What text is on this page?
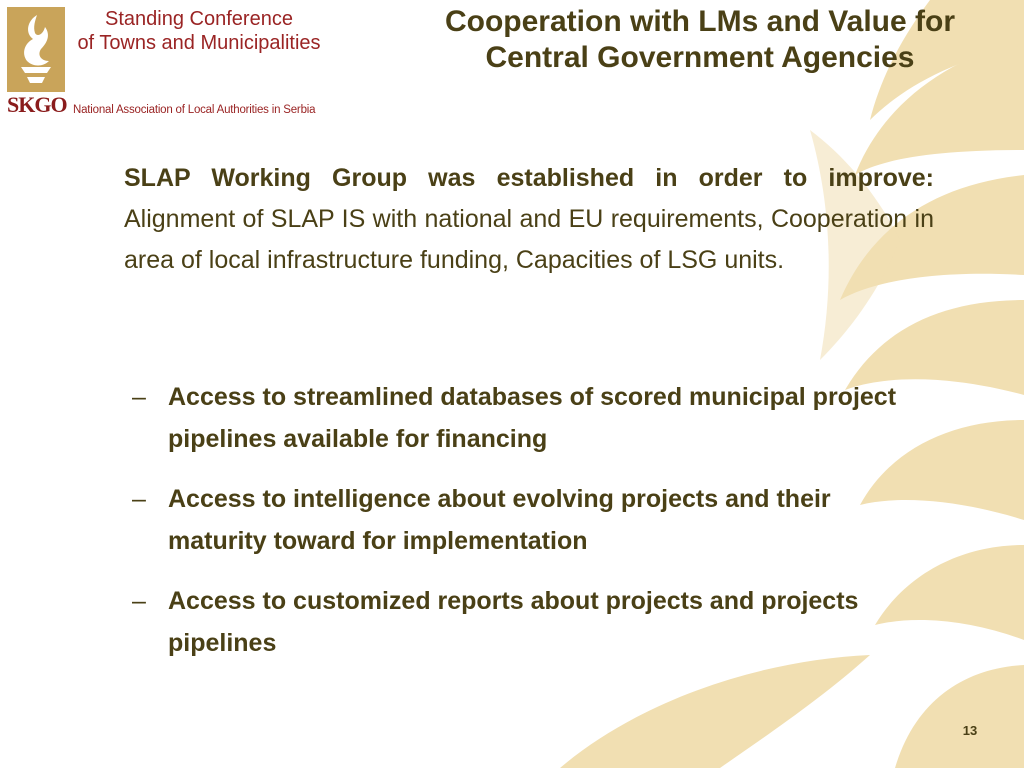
SKGO
Standing Conference
of Towns and Municipalities
National Association of Local Authorities in Serbia
Cooperation with LMs and Value for
Central Government Agencies
SLAP Working Group was established in order to improve: Alignment of SLAP IS with national and EU requirements, Cooperation in area of local infrastructure funding, Capacities of LSG units.
– Access to streamlined databases of scored municipal project pipelines available for financing
– Access to intelligence about evolving projects and their maturity toward for implementation
– Access to customized reports about projects and projects pipelines
13
